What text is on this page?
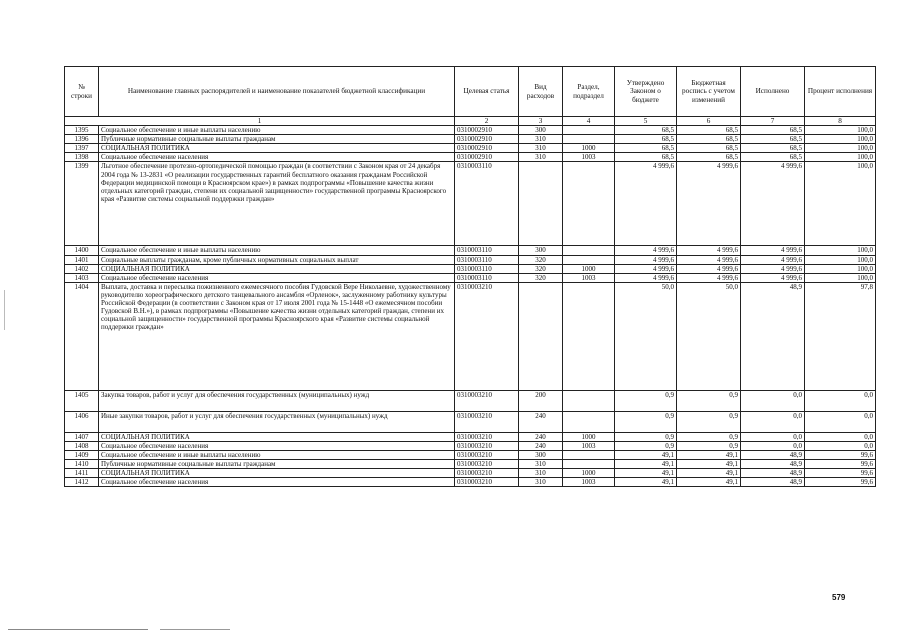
№ строки	Наименование главных распорядителей и наименование показателей бюджетной классификации	Целевая статья	Вид расходов	Раздел, подраздел	Утверждено Законом о бюджете	Бюджетная роспись с учетом изменений	Исполнено	Процент исполнения
1		2	3	4	5	6	7	8
1395	Социальное обеспечение и иные выплаты населению	0310002910	300		68,5	68,5	68,5	100,0
1396	Публичные нормативные социальные выплаты гражданам	0310002910	310		68,5	68,5	68,5	100,0
1397	СОЦИАЛЬНАЯ ПОЛИТИКА	0310002910	310	1000	68,5	68,5	68,5	100,0
1398	Социальное обеспечение населения	0310002910	310	1003	68,5	68,5	68,5	100,0
1399	Льготное обеспечение протезно-ортопедической помощью граждан (в соответствии с Законом края от 24 декабря 2004 года № 13-2831 «О реализации государственных гарантий бесплатного оказания гражданам Российской Федерации медицинской помощи в Красноярском крае») в рамках подпрограммы «Повышение качества жизни отдельных категорий граждан, степени их социальной защищенности» государственной программы Красноярского края «Развитие системы социальной поддержки граждан»	0310003110			4 999,6	4 999,6	4 999,6	100,0
1400	Социальное обеспечение и иные выплаты населению	0310003110	300		4 999,6	4 999,6	4 999,6	100,0
1401	Социальные выплаты гражданам, кроме публичных нормативных социальных выплат	0310003110	320		4 999,6	4 999,6	4 999,6	100,0
1402	СОЦИАЛЬНАЯ ПОЛИТИКА	0310003110	320	1000	4 999,6	4 999,6	4 999,6	100,0
1403	Социальное обеспечение населения	0310003110	320	1003	4 999,6	4 999,6	4 999,6	100,0
1404	Выплата, доставка и пересылка пожизненного ежемесячного пособия Гудовской Вере Николаевне, художественному руководителю хореографического детского танцевального ансамбля «Орленок», заслуженному работнику культуры Российской Федерации (в соответствии с Законом края от 17 июля 2001 года № 15-1448 «О ежемесячном пособии Гудовской В.Н.»), в рамках подпрограммы «Повышение качества жизни отдельных категорий граждан, степени их социальной защищенности» государственной программы Красноярского края «Развитие системы социальной поддержки граждан»	0310003210			50,0	50,0	48,9	97,8
1405	Закупка товаров, работ и услуг для обеспечения государственных (муниципальных) нужд	0310003210	200		0,9	0,9	0,0	0,0
1406	Иные закупки товаров, работ и услуг для обеспечения государственных (муниципальных) нужд	0310003210	240		0,9	0,9	0,0	0,0
1407	СОЦИАЛЬНАЯ ПОЛИТИКА	0310003210	240	1000	0,9	0,9	0,0	0,0
1408	Социальное обеспечение населения	0310003210	240	1003	0,9	0,9	0,0	0,0
1409	Социальное обеспечение и иные выплаты населению	0310003210	300		49,1	49,1	48,9	99,6
1410	Публичные нормативные социальные выплаты гражданам	0310003210	310		49,1	49,1	48,9	99,6
1411	СОЦИАЛЬНАЯ ПОЛИТИКА	0310003210	310	1000	49,1	49,1	48,9	99,6
1412	Социальное обеспечение населения	0310003210	310	1003	49,1	49,1	48,9	99,6
579
